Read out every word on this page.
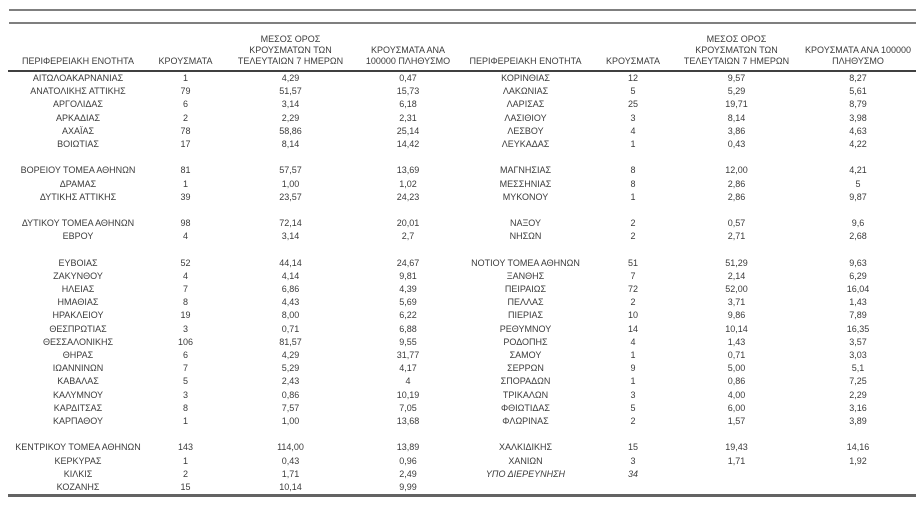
ΠΕΡΙΦΕΡΕΙΑΚΗ ΕΝΟΤΗΤΑ	ΚΡΟΥΣΜΑΤΑ	ΜΕΣΟΣ ΟΡΟΣ ΚΡΟΥΣΜΑΤΩΝ ΤΩΝ ΤΕΛΕΥΤΑΙΩΝ 7 ΗΜΕΡΩΝ	ΚΡΟΥΣΜΑΤΑ ΑΝΑ 100000 ΠΛΗΘΥΣΜΟ	ΠΕΡΙΦΕΡΕΙΑΚΗ ΕΝΟΤΗΤΑ	ΚΡΟΥΣΜΑΤΑ	ΜΕΣΟΣ ΟΡΟΣ ΚΡΟΥΣΜΑΤΩΝ ΤΩΝ ΤΕΛΕΥΤΑΙΩΝ 7 ΗΜΕΡΩΝ	ΚΡΟΥΣΜΑΤΑ ΑΝΑ 100000 ΠΛΗΘΥΣΜΟ
ΑΙΤΩΛΟΑΚΑΡΝΑΝΙΑΣ	1	4,29	0,47	ΚΟΡΙΝΘΙΑΣ	12	9,57	8,27
ΑΝΑΤΟΛΙΚΗΣ ΑΤΤΙΚΗΣ	79	51,57	15,73	ΛΑΚΩΝΙΑΣ	5	5,29	5,61
ΑΡΓΟΛΙΔΑΣ	6	3,14	6,18	ΛΑΡΙΣΑΣ	25	19,71	8,79
ΑΡΚΑΔΙΑΣ	2	2,29	2,31	ΛΑΣΙΘΙΟΥ	3	8,14	3,98
ΑΧΑΪΑΣ	78	58,86	25,14	ΛΕΣΒΟΥ	4	3,86	4,63
ΒΟΙΩΤΙΑΣ	17	8,14	14,42	ΛΕΥΚΑΔΑΣ	1	0,43	4,22

ΒΟΡΕΙΟΥ ΤΟΜΕΑ ΑΘΗΝΩΝ	81	57,57	13,69	ΜΑΓΝΗΣΙΑΣ	8	12,00	4,21
ΔΡΑΜΑΣ	1	1,00	1,02	ΜΕΣΣΗΝΙΑΣ	8	2,86	5
ΔΥΤΙΚΗΣ ΑΤΤΙΚΗΣ	39	23,57	24,23	ΜΥΚΟΝΟΥ	1	2,86	9,87

ΔΥΤΙΚΟΥ ΤΟΜΕΑ ΑΘΗΝΩΝ	98	72,14	20,01	ΝΑΞΟΥ	2	0,57	9,6
ΕΒΡΟΥ	4	3,14	2,7	ΝΗΣΩΝ	2	2,71	2,68

ΕΥΒΟΙΑΣ	52	44,14	24,67	ΝΟΤΙΟΥ ΤΟΜΕΑ ΑΘΗΝΩΝ	51	51,29	9,63
ΖΑΚΥΝΘΟΥ	4	4,14	9,81	ΞΑΝΘΗΣ	7	2,14	6,29
ΗΛΕΙΑΣ	7	6,86	4,39	ΠΕΙΡΑΙΩΣ	72	52,00	16,04
ΗΜΑΘΙΑΣ	8	4,43	5,69	ΠΕΛΛΑΣ	2	3,71	1,43
ΗΡΑΚΛΕΙΟΥ	19	8,00	6,22	ΠΙΕΡΙΑΣ	10	9,86	7,89
ΘΕΣΠΡΩΤΙΑΣ	3	0,71	6,88	ΡΕΘΥΜΝΟΥ	14	10,14	16,35
ΘΕΣΣΑΛΟΝΙΚΗΣ	106	81,57	9,55	ΡΟΔΟΠΗΣ	4	1,43	3,57
ΘΗΡΑΣ	6	4,29	31,77	ΣΑΜΟΥ	1	0,71	3,03
ΙΩΑΝΝΙΝΩΝ	7	5,29	4,17	ΣΕΡΡΩΝ	9	5,00	5,1
ΚΑΒΑΛΑΣ	5	2,43	4	ΣΠΟΡΑΔΩΝ	1	0,86	7,25
ΚΑΛΥΜΝΟΥ	3	0,86	10,19	ΤΡΙΚΑΛΩΝ	3	4,00	2,29
ΚΑΡΔΙΤΣΑΣ	8	7,57	7,05	ΦΘΙΩΤΙΔΑΣ	5	6,00	3,16
ΚΑΡΠΑΘΟΥ	1	1,00	13,68	ΦΛΩΡΙΝΑΣ	2	1,57	3,89

ΚΕΝΤΡΙΚΟΥ ΤΟΜΕΑ ΑΘΗΝΩΝ	143	114,00	13,89	ΧΑΛΚΙΔΙΚΗΣ	15	19,43	14,16
ΚΕΡΚΥΡΑΣ	1	0,43	0,96	ΧΑΝΙΩΝ	3	1,71	1,92
ΚΙΛΚΙΣ	2	1,71	2,49	ΥΠΟ ΔΙΕΡΕΥΝΗΣΗ	34		
ΚΟΖΑΝΗΣ	15	10,14	9,99				
